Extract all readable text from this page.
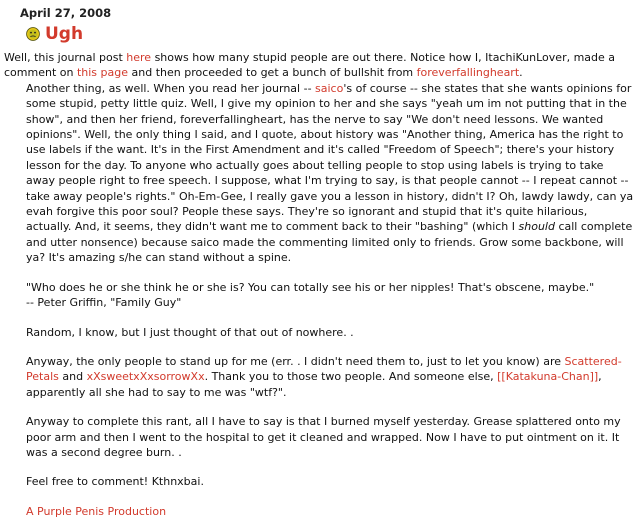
April 27, 2008
Ugh

Well, this journal post here shows how many stupid people are out there. Notice how I, ItachiKunLover, made a comment on this page and then proceeded to get a bunch of bullshit from foreverfallingheart.

Another thing, as well. When you read her journal -- saico's of course -- she states that she wants opinions for some stupid, petty little quiz. Well, I give my opinion to her and she says "yeah um im not putting that in the show", and then her friend, foreverfallingheart, has the nerve to say "We don't need lessons. We wanted opinions". Well, the only thing I said, and I quote, about history was "Another thing, America has the right to use labels if the want. It's in the First Amendment and it's called "Freedom of Speech"; there's your history lesson for the day. To anyone who actually goes about telling people to stop using labels is trying to take away people right to free speech. I suppose, what I'm trying to say, is that people cannot -- I repeat cannot -- take away people's rights." Oh-Em-Gee, I really gave you a lesson in history, didn't I? Oh, lawdy lawdy, can ya evah forgive this poor soul? People these says. They're so ignorant and stupid that it's quite hilarious, actually. And, it seems, they didn't want me to comment back to their "bashing" (which I should call complete and utter nonsence) because saico made the commenting limited only to friends. Grow some backbone, will ya? It's amazing s/he can stand without a spine.

"Who does he or she think he or she is? You can totally see his or her nipples! That's obscene, maybe."
-- Peter Griffin, "Family Guy"

Random, I know, but I just thought of that out of nowhere. .

Anyway, the only people to stand up for me (err. . I didn't need them to, just to let you know) are Scattered-Petals and xXsweetxXxsorrowXx. Thank you to those two people. And someone else, [[Katakuna-Chan]], apparently all she had to say to me was "wtf?".

Anyway to complete this rant, all I have to say is that I burned myself yesterday. Grease splattered onto my poor arm and then I went to the hospital to get it cleaned and wrapped. Now I have to put ointment on it. It was a second degree burn. .

Feel free to comment! Kthnxbai.

A Purple Penis Production
